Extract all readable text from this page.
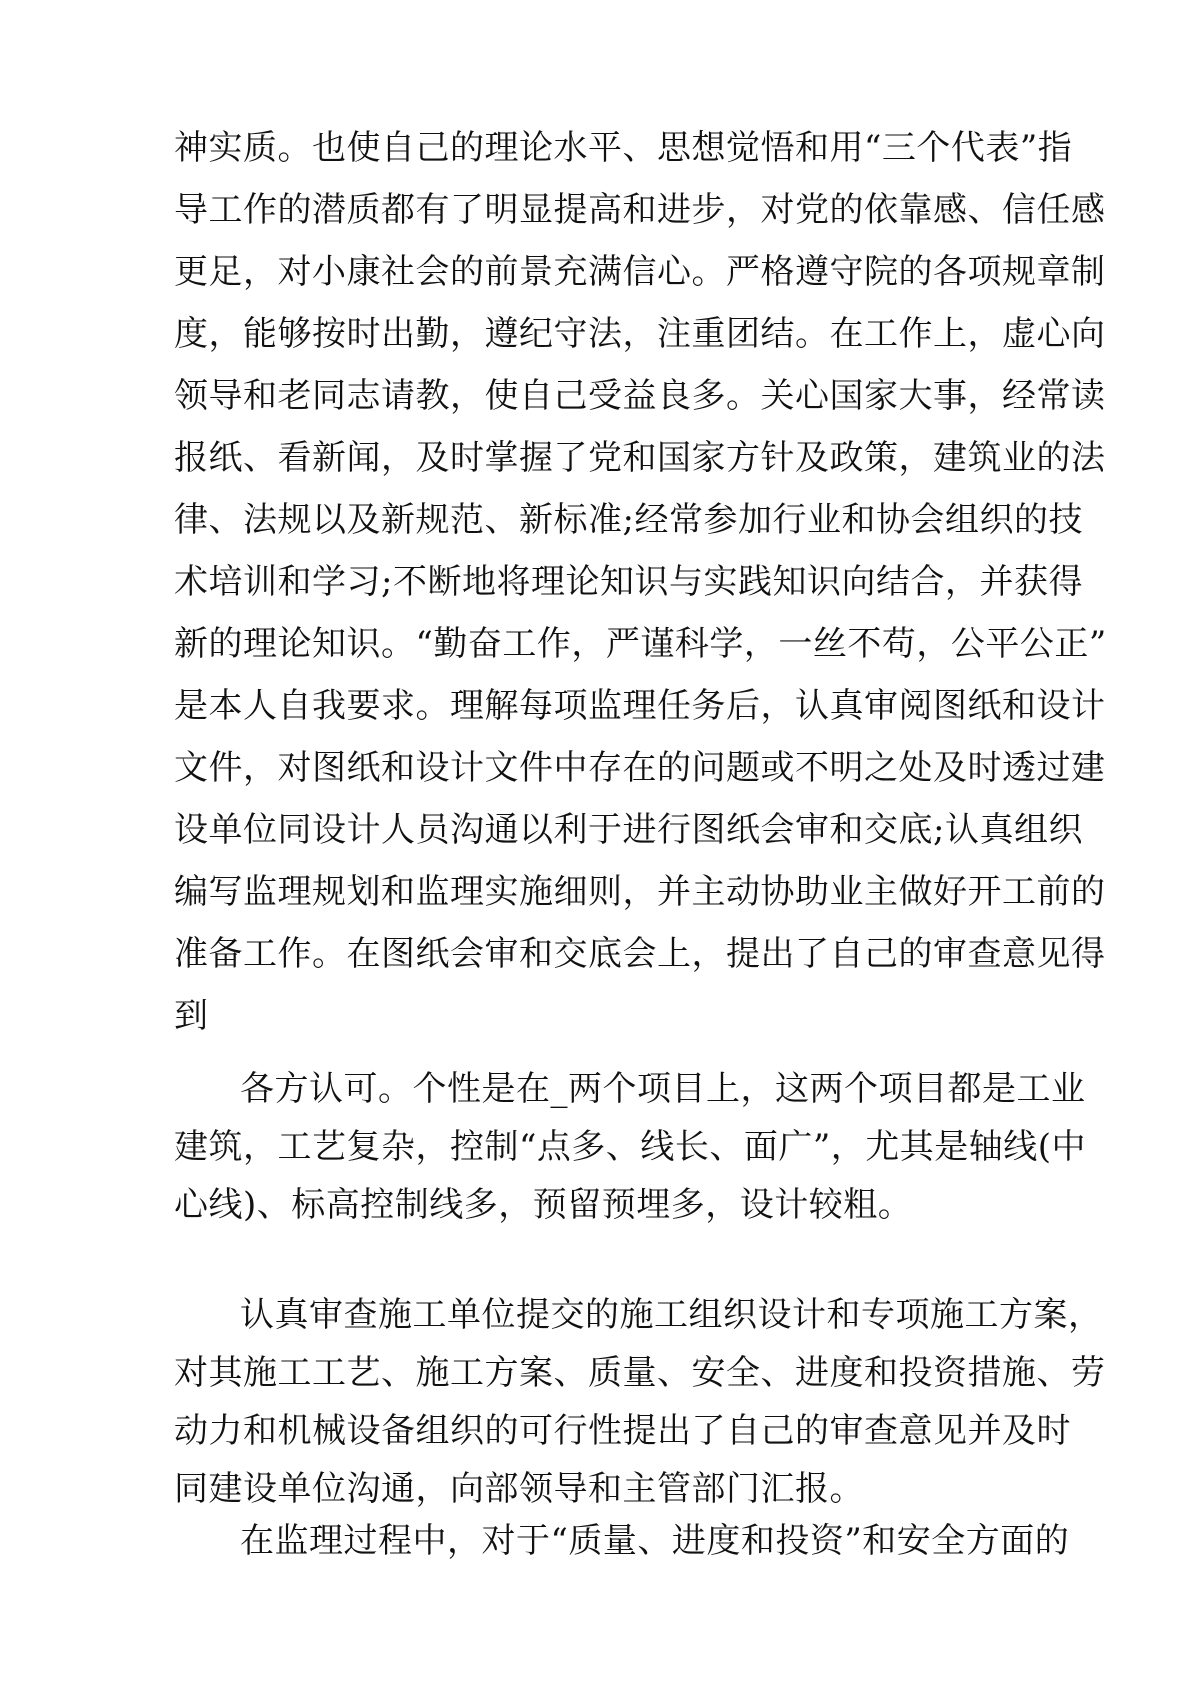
神实质。也使自己的理论水平、思想觉悟和用“三个代表”指
导工作的潜质都有了明显提高和进步，对党的依靠感、信任感
更足，对小康社会的前景充满信心。严格遵守院的各项规章制
度，能够按时出勤，遵纪守法，注重团结。在工作上，虚心向
领导和老同志请教，使自己受益良多。关心国家大事，经常读
报纸、看新闻，及时掌握了党和国家方针及政策，建筑业的法
律、法规以及新规范、新标准;经常参加行业和协会组织的技
术培训和学习;不断地将理论知识与实践知识向结合，并获得
新的理论知识。“勤奋工作，严谨科学，一丝不苟，公平公正”
是本人自我要求。理解每项监理任务后，认真审阅图纸和设计
文件，对图纸和设计文件中存在的问题或不明之处及时透过建
设单位同设计人员沟通以利于进行图纸会审和交底;认真组织
编写监理规划和监理实施细则，并主动协助业主做好开工前的
准备工作。在图纸会审和交底会上，提出了自己的审查意见得
到
各方认可。个性是在_两个项目上，这两个项目都是工业
建筑，工艺复杂，控制“点多、线长、面广”，尤其是轴线(中
心线)、标高控制线多，预留预埋多，设计较粗。
认真审查施工单位提交的施工组织设计和专项施工方案，
对其施工工艺、施工方案、质量、安全、进度和投资措施、劳
动力和机械设备组织的可行性提出了自己的审查意见并及时
同建设单位沟通，向部领导和主管部门汇报。
在监理过程中，对于“质量、进度和投资”和安全方面的
